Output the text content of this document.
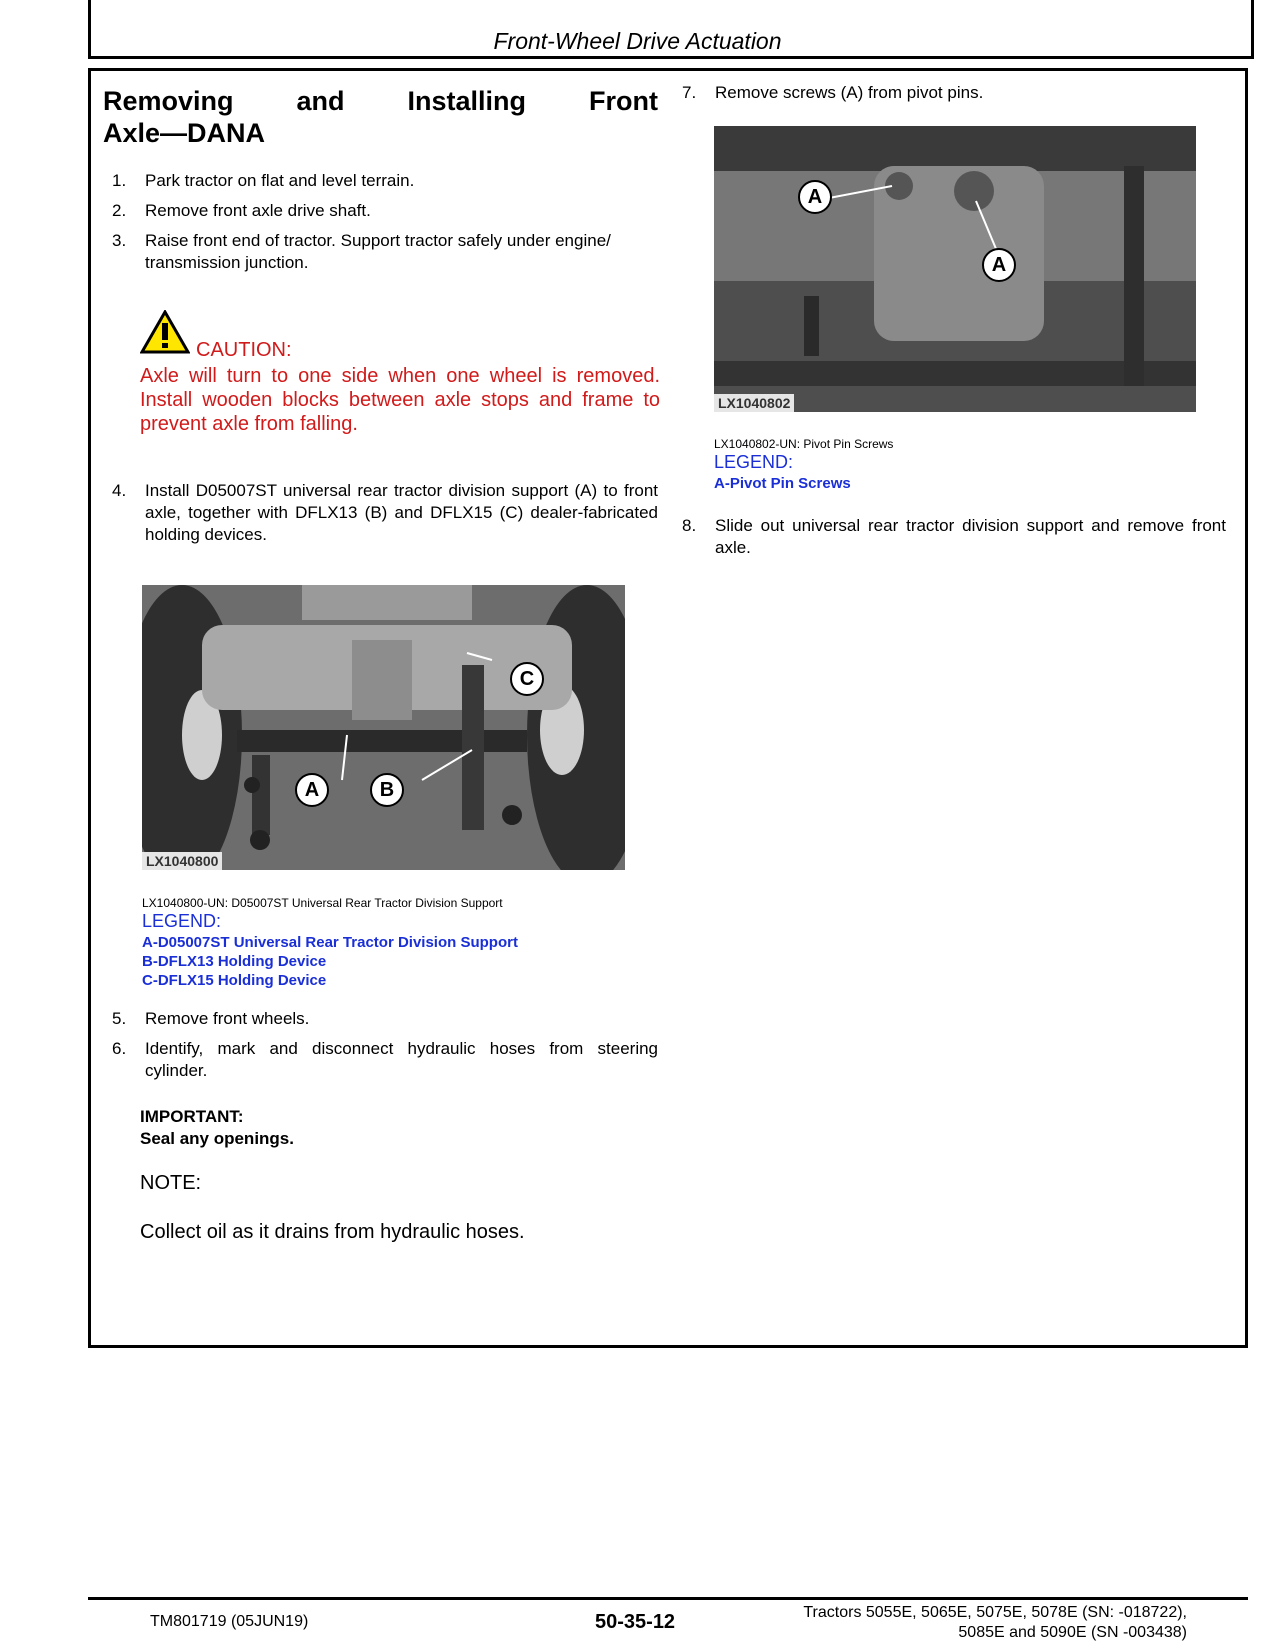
Front-Wheel Drive Actuation
Removing and Installing Front
Axle—DANA
1. Park tractor on flat and level terrain.
2. Remove front axle drive shaft.
3. Raise front end of tractor. Support tractor safely under engine/ transmission junction.
CAUTION:
Axle will turn to one side when one wheel is removed. Install wooden blocks between axle stops and frame to prevent axle from falling.
4. Install D05007ST universal rear tractor division support (A) to front axle, together with DFLX13 (B) and DFLX15 (C) dealer-fabricated holding devices.
A	B
C
LX1040800
LX1040800-UN: D05007ST Universal Rear Tractor Division Support
LEGEND:
A-D05007ST Universal Rear Tractor Division Support
B-DFLX13 Holding Device
C-DFLX15 Holding Device
5. Remove front wheels.
6. Identify, mark and disconnect hydraulic hoses from steering cylinder.
IMPORTANT:
Seal any openings.
NOTE:
Collect oil as it drains from hydraulic hoses.
7. Remove screws (A) from pivot pins.
A
A
LX1040802
LX1040802-UN: Pivot Pin Screws
LEGEND:
A-Pivot Pin Screws
8. Slide out universal rear tractor division support and remove front axle.
TM801719 (05JUN19)	50-35-12	Tractors 5055E, 5065E, 5075E, 5078E (SN: -018722),
5085E and 5090E (SN -003438)
